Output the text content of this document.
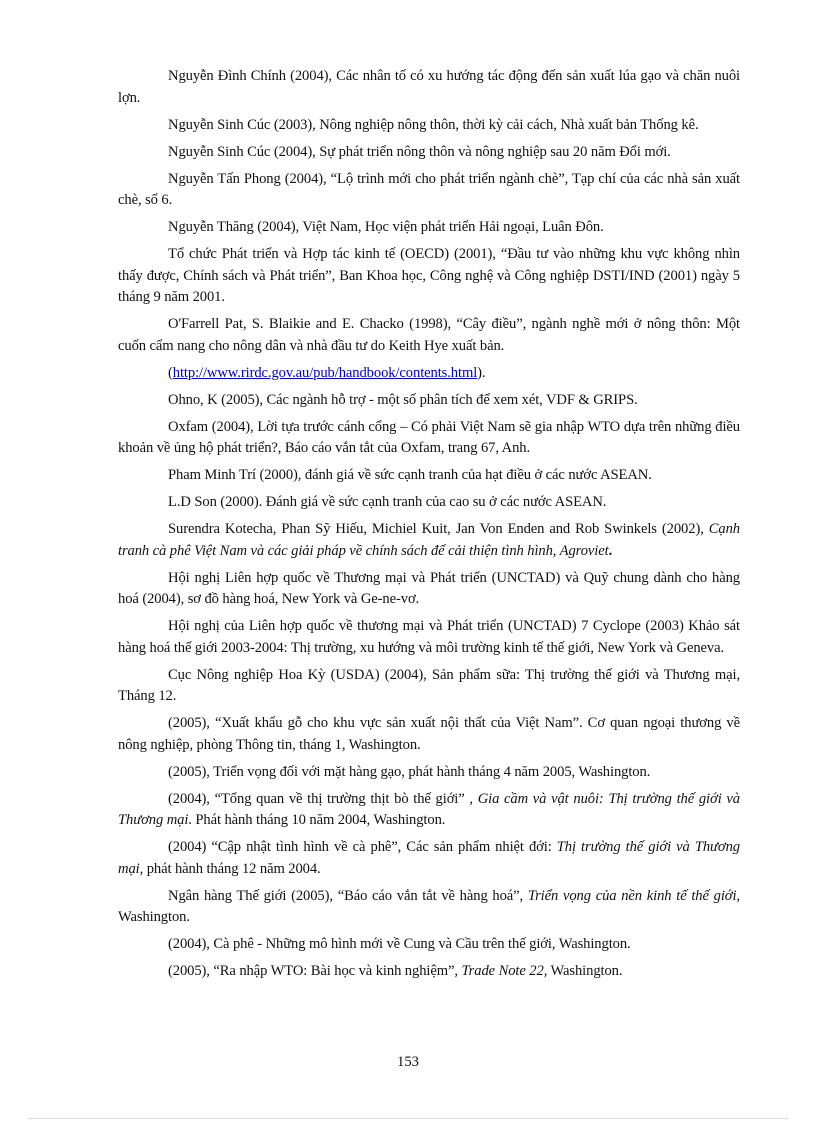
Nguyễn Đình Chính (2004), Các nhân tố có xu hướng tác động đến sản xuất lúa gạo và chăn nuôi lợn.

Nguyễn Sinh Cúc (2003), Nông nghiệp nông thôn, thời kỳ cải cách, Nhà xuất bản Thống kê.

Nguyễn Sinh Cúc (2004), Sự phát triển nông thôn và nông nghiệp sau 20 năm Đổi mới.

Nguyễn Tấn Phong (2004), “Lộ trình mới cho phát triển ngành chè”, Tạp chí của các nhà sản xuất chè, số 6.

Nguyễn Thăng (2004), Việt Nam, Học viện phát triển Hải ngoại, Luân Đôn.

Tổ chức Phát triển và Hợp tác kinh tế (OECD) (2001), “Đầu tư vào những khu vực không nhìn thấy được, Chính sách và Phát triển”, Ban Khoa học, Công nghệ và Công nghiệp DSTI/IND (2001) ngày 5 tháng 9 năm 2001.

O'Farrell Pat, S. Blaikie and E. Chacko (1998), “Cây điều”, ngành nghề mới ở nông thôn: Một cuốn cẩm nang cho nông dân và nhà đầu tư do Keith Hye xuất bản.

(http://www.rirdc.gov.au/pub/handbook/contents.html).

Ohno, K (2005), Các ngành hỗ trợ - một số phân tích để xem xét, VDF & GRIPS.

Oxfam (2004), Lời tựa trước cánh cổng – Có phải Việt Nam sẽ gia nhập WTO dựa trên những điều khoản về ủng hộ phát triển?, Báo cáo vắn tắt của Oxfam, trang 67, Anh.

Pham Minh Trí (2000), đánh giá về sức cạnh tranh của hạt điều ở các nước ASEAN.

L.D Son (2000). Đánh giá về sức cạnh tranh của cao su ở các nước ASEAN.

Surendra Kotecha, Phan Sỹ Hiếu, Michiel Kuit, Jan Von Enden and Rob Swinkels (2002), Cạnh tranh cà phê Việt Nam và các giải pháp về chính sách để cải thiện tình hình, Agroviet.

Hội nghị Liên hợp quốc về Thương mại và Phát triển (UNCTAD) và Quỹ chung dành cho hàng hoá (2004), sơ đồ hàng hoá, New York và Ge-ne-vơ.

Hội nghị của Liên hợp quốc về thương mại và Phát triển (UNCTAD) 7 Cyclope (2003) Khảo sát hàng hoá thế giới 2003-2004: Thị trường, xu hướng và môi trường kinh tế thế giới, New York và Geneva.

Cục Nông nghiệp Hoa Kỳ (USDA) (2004), Sản phẩm sữa: Thị trường thế giới và Thương mại, Tháng 12.

(2005), “Xuất khẩu gỗ cho khu vực sản xuất nội thất của Việt Nam”. Cơ quan ngoại thương về nông nghiệp, phòng Thông tin, tháng 1, Washington.

(2005), Triển vọng đối với mặt hàng gạo, phát hành tháng 4 năm 2005, Washington.

(2004), “Tổng quan về thị trường thịt bò thế giới” , Gia cầm và vật nuôi: Thị trường thế giới và Thương mại. Phát hành tháng 10 năm 2004, Washington.

(2004) “Cập nhật tình hình về cà phê”, Các sản phẩm nhiệt đới: Thị trường thế giới và Thương mại, phát hành tháng 12 năm 2004.

Ngân hàng Thế giới (2005), “Báo cáo vắn tắt về hàng hoá”, Triển vọng của nền kinh tế thế giới, Washington.

(2004), Cà phê - Những mô hình mới về Cung và Cầu trên thế giới, Washington.

(2005), “Ra nhập WTO: Bài học và kinh nghiệm”, Trade Note 22, Washington.

153
